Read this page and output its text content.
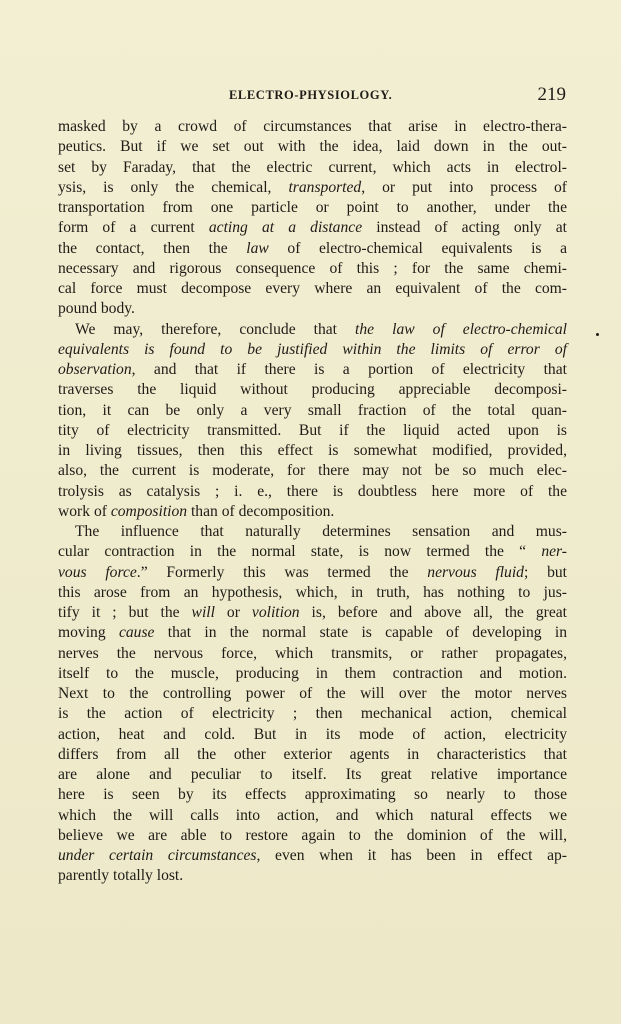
ELECTRO-PHYSIOLOGY.	219
masked by a crowd of circumstances that arise in electro-thera-
peutics. But if we set out with the idea, laid down in the out-
set by Faraday, that the electric current, which acts in electrol-
ysis, is only the chemical, transported, or put into process of
transportation from one particle or point to another, under the
form of a current acting at a distance instead of acting only at
the contact, then the law of electro-chemical equivalents is a
necessary and rigorous consequence of this ; for the same chemi-
cal force must decompose every where an equivalent of the com-
pound body.
We may, therefore, conclude that the law of electro-chemical
equivalents is found to be justified within the limits of error of
observation, and that if there is a portion of electricity that
traverses the liquid without producing appreciable decomposi-
tion, it can be only a very small fraction of the total quan-
tity of electricity transmitted. But if the liquid acted upon is
in living tissues, then this effect is somewhat modified, provided,
also, the current is moderate, for there may not be so much elec-
trolysis as catalysis ; i. e., there is doubtless here more of the
work of composition than of decomposition.
The influence that naturally determines sensation and mus-
cular contraction in the normal state, is now termed the “ ner-
vous force.” Formerly this was termed the nervous fluid; but
this arose from an hypothesis, which, in truth, has nothing to jus-
tify it ; but the will or volition is, before and above all, the great
moving cause that in the normal state is capable of developing in
nerves the nervous force, which transmits, or rather propagates,
itself to the muscle, producing in them contraction and motion.
Next to the controlling power of the will over the motor nerves
is the action of electricity ; then mechanical action, chemical
action, heat and cold. But in its mode of action, electricity
differs from all the other exterior agents in characteristics that
are alone and peculiar to itself. Its great relative importance
here is seen by its effects approximating so nearly to those
which the will calls into action, and which natural effects we
believe we are able to restore again to the dominion of the will,
under certain circumstances, even when it has been in effect ap-
parently totally lost.
